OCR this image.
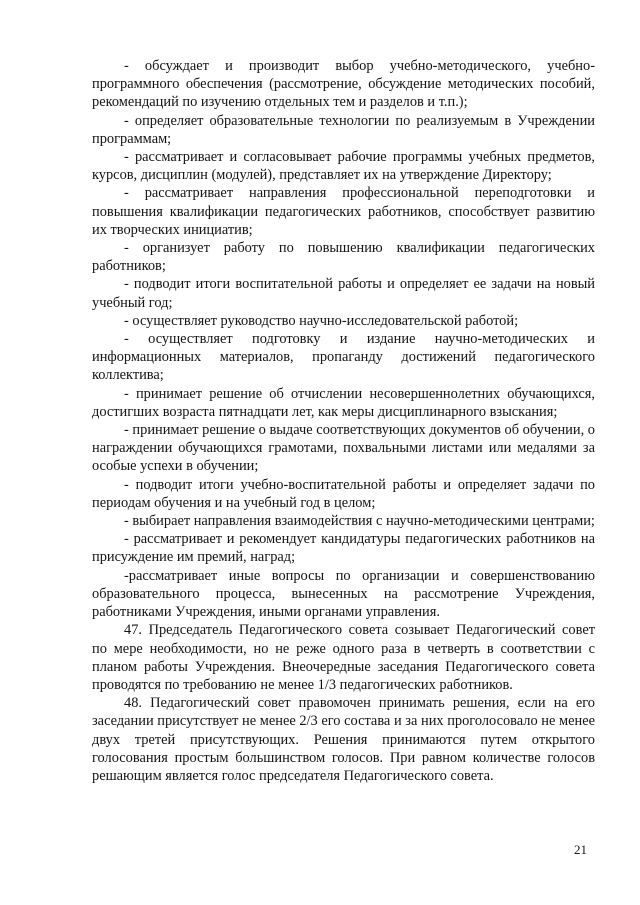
- обсуждает и производит выбор учебно-методического, учебно-программного обеспечения (рассмотрение, обсуждение методических пособий, рекомендаций по изучению отдельных тем и разделов и т.п.);

- определяет образовательные технологии по реализуемым в Учреждении программам;

- рассматривает и согласовывает рабочие программы учебных предметов, курсов, дисциплин (модулей), представляет их на утверждение Директору;

- рассматривает направления профессиональной переподготовки и повышения квалификации педагогических работников, способствует развитию их творческих инициатив;

- организует работу по повышению квалификации педагогических работников;

- подводит итоги воспитательной работы и определяет ее задачи на новый учебный год;

- осуществляет руководство научно-исследовательской работой;

- осуществляет подготовку и издание научно-методических и информационных материалов, пропаганду достижений педагогического коллектива;

- принимает решение об отчислении несовершеннолетних обучающихся, достигших возраста пятнадцати лет, как меры дисциплинарного взыскания;

- принимает решение о выдаче соответствующих документов об обучении, о награждении обучающихся грамотами, похвальными листами или медалями за особые успехи в обучении;

- подводит итоги учебно-воспитательной работы и определяет задачи по периодам обучения и на учебный год в целом;

- выбирает направления взаимодействия с научно-методическими центрами;

- рассматривает и рекомендует кандидатуры педагогических работников на присуждение им премий, наград;

-рассматривает иные вопросы по организации и совершенствованию образовательного процесса, вынесенных на рассмотрение Учреждения, работниками Учреждения, иными органами управления.

47. Председатель Педагогического совета созывает Педагогический совет по мере необходимости, но не реже одного раза в четверть в соответствии с планом работы Учреждения. Внеочередные заседания Педагогического совета проводятся по требованию не менее 1/3 педагогических работников.

48. Педагогический совет правомочен принимать решения, если на его заседании присутствует не менее 2/3 его состава и за них проголосовало не менее двух третей присутствующих. Решения принимаются путем открытого голосования простым большинством голосов. При равном количестве голосов решающим является голос председателя Педагогического совета.

21
